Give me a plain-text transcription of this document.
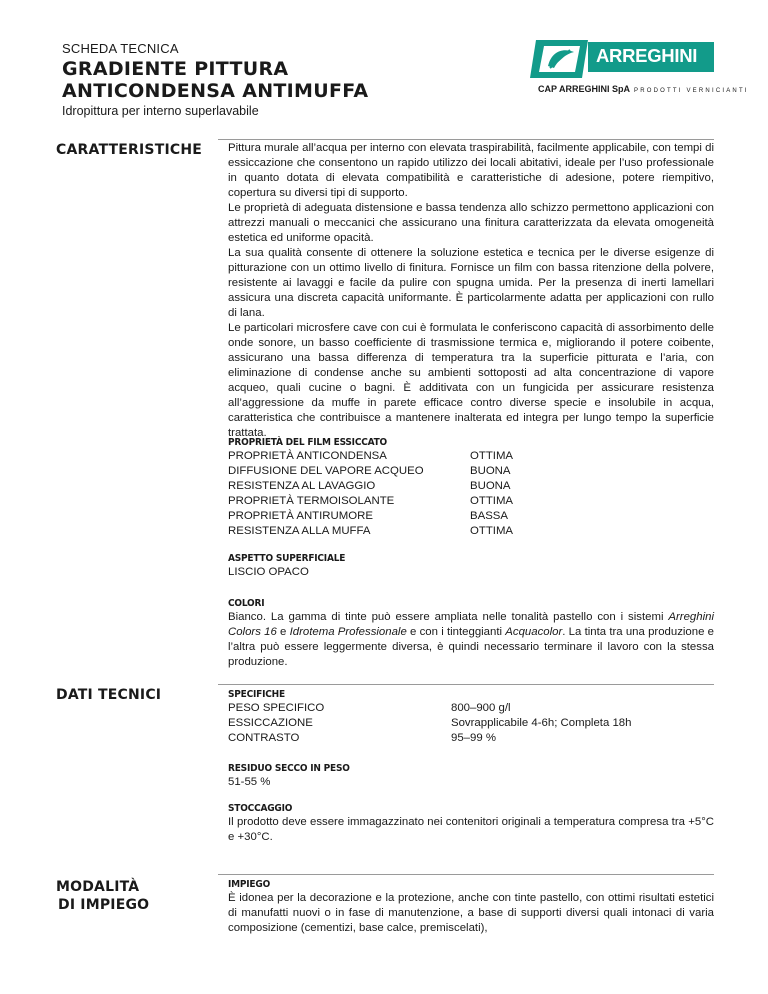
SCHEDA TECNICA
GRADIENTE PITTURA
ANTICONDENSA ANTIMUFFA
Idropittura per interno superlavabile
ARREGHINI
CAP ARREGHINI SpA PRODOTTI VERNICIANTI
CARATTERISTICHE Pittura murale all’acqua per interno con elevata traspirabilità, facilmente applicabile, con tempi di essiccazione che consentono un rapido utilizzo dei locali abitativi, ideale per l’uso professionale in quanto dotata di elevata compatibilità e caratteristiche di adesione, potere riempitivo, copertura su diversi tipi di supporto.

Le proprietà di adeguata distensione e bassa tendenza allo schizzo permettono applicazioni con attrezzi manuali o meccanici che assicurano una finitura caratterizzata da elevata omogeneità estetica ed uniforme opacità.

La sua qualità consente di ottenere la soluzione estetica e tecnica per le diverse esigenze di pitturazione con un ottimo livello di finitura. Fornisce un film con bassa ritenzione della polvere, resistente ai lavaggi e facile da pulire con spugna umida. Per la presenza di inerti lamellari assicura una discreta capacità uniformante. È particolarmente adatta per applicazioni con rullo di lana.

Le particolari microsfere cave con cui è formulata le conferiscono capacità di assorbimento delle onde sonore, un basso coefficiente di trasmissione termica e, migliorando il potere coibente, assicurano una bassa differenza di temperatura tra la superficie pitturata e l’aria, con eliminazione di condense anche su ambienti sottoposti ad alta concentrazione di vapore acqueo, quali cucine o bagni. È additivata con un fungicida per assicurare resistenza all’aggressione da muffe in parete efficace contro diverse specie e insolubile in acqua, caratteristica che contribuisce a mantenere inalterata ed integra per lungo tempo la superficie trattata.

PROPRIETÀ DEL FILM ESSICCATO
PROPRIETÀ ANTICONDENSA	OTTIMA
DIFFUSIONE DEL VAPORE ACQUEO	BUONA
RESISTENZA AL LAVAGGIO	BUONA
PROPRIETÀ TERMOISOLANTE	OTTIMA
PROPRIETÀ ANTIRUMORE	BASSA
RESISTENZA ALLA MUFFA	OTTIMA
ASPETTO SUPERFICIALE
LISCIO OPACO
COLORI

Bianco. La gamma di tinte può essere ampliata nelle tonalità pastello con i sistemi Arreghini Colors 16 e Idrotema Professionale e con i tinteggianti Acquacolor. La tinta tra una produzione e l’altra può essere leggermente diversa, è quindi necessario terminare il lavoro con la stessa produzione.

DATI TECNICI	SPECIFICHE
PESO SPECIFICO	800–900 g/l
ESSICCAZIONE	Sovrapplicabile 4-6h; Completa 18h
CONTRASTO	95–99 %
RESIDUO SECCO IN PESO
51-55 %
STOCCAGGIO

Il prodotto deve essere immagazzinato nei contenitori originali a temperatura compresa tra +5°C e +30°C.

MODALITÀ
DI IMPIEGO
IMPIEGO

È idonea per la decorazione e la protezione, anche con tinte pastello, con ottimi risultati estetici di manufatti nuovi o in fase di manutenzione, a base di supporti diversi quali intonaci di varia composizione (cementizi, base calce, premiscelati),
